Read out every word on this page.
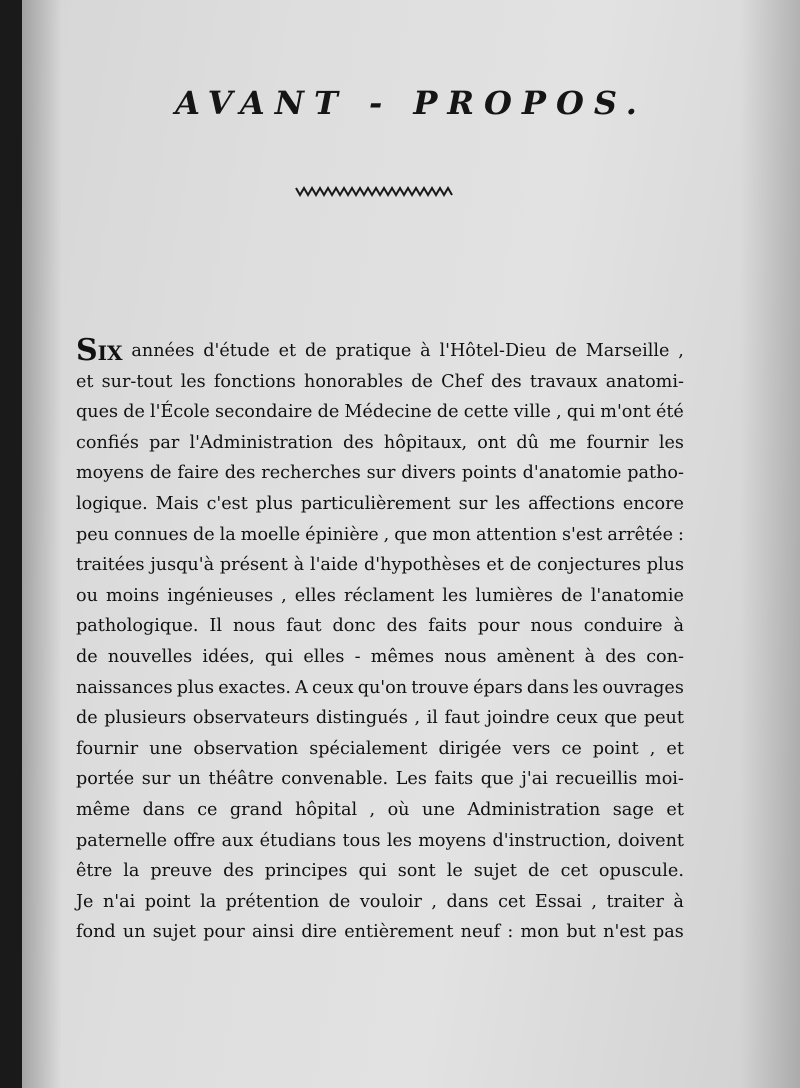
AVANT - PROPOS.
SIX années d'étude et de pratique à l'Hôtel-Dieu de Marseille ,
et sur-tout les fonctions honorables de Chef des travaux anatomi-
ques de l'École secondaire de Médecine de cette ville , qui m'ont été
confiés par l'Administration des hôpitaux, ont dû me fournir les
moyens de faire des recherches sur divers points d'anatomie patho-
logique. Mais c'est plus particulièrement sur les affections encore
peu connues de la moelle épinière , que mon attention s'est arrêtée :
traitées jusqu'à présent à l'aide d'hypothèses et de conjectures plus
ou moins ingénieuses , elles réclament les lumières de l'anatomie
pathologique. Il nous faut donc des faits pour nous conduire à
de nouvelles idées, qui elles - mêmes nous amènent à des con-
naissances plus exactes. A ceux qu'on trouve épars dans les ouvrages
de plusieurs observateurs distingués , il faut joindre ceux que peut
fournir une observation spécialement dirigée vers ce point , et
portée sur un théâtre convenable. Les faits que j'ai recueillis moi-
même dans ce grand hôpital , où une Administration sage et
paternelle offre aux étudians tous les moyens d'instruction, doivent
être la preuve des principes qui sont le sujet de cet opuscule.
Je n'ai point la prétention de vouloir , dans cet Essai , traiter à
fond un sujet pour ainsi dire entièrement neuf : mon but n'est pas
